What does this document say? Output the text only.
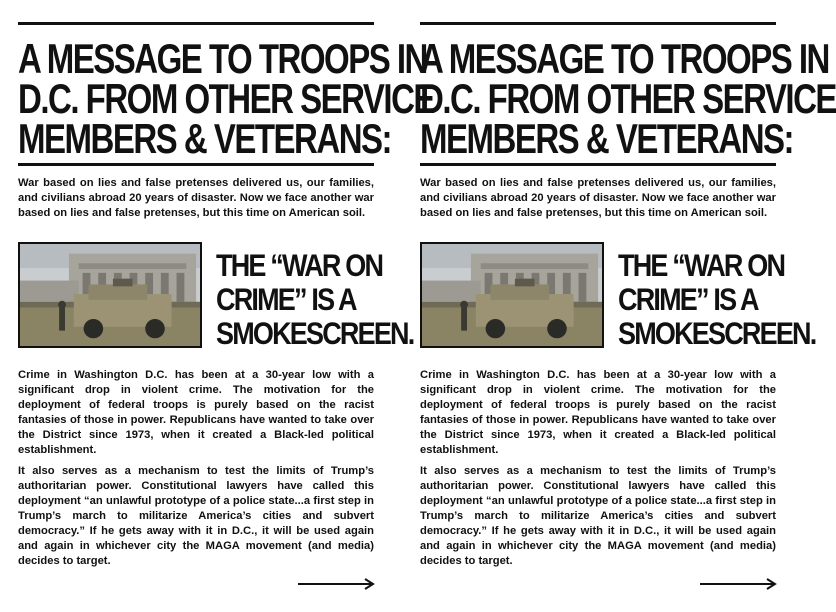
A MESSAGE TO TROOPS IN
D.C. FROM OTHER SERVICE
MEMBERS & VETERANS:

War based on lies and false pretenses delivered us, our families, and civilians abroad 20 years of disaster. Now we face another war based on lies and false pretenses, but this time on American soil.

THE “WAR ON
CRIME” IS A
SMOKESCREEN.

Crime in Washington D.C. has been at a 30-year low with a significant drop in violent crime. The motivation for the deployment of federal troops is purely based on the racist fantasies of those in power. Republicans have wanted to take over the District since 1973, when it created a Black-led political establishment.

It also serves as a mechanism to test the limits of Trump’s authoritarian power. Constitutional lawyers have called this deployment “an unlawful prototype of a police state...a first step in Trump’s march to militarize America’s cities and subvert democracy.” If he gets away with it in D.C., it will be used again and again in whichever city the MAGA movement (and media) decides to target.

A MESSAGE TO TROOPS IN
D.C. FROM OTHER SERVICE
MEMBERS & VETERANS:

War based on lies and false pretenses delivered us, our families, and civilians abroad 20 years of disaster. Now we face another war based on lies and false pretenses, but this time on American soil.

THE “WAR ON
CRIME” IS A
SMOKESCREEN.

Crime in Washington D.C. has been at a 30-year low with a significant drop in violent crime. The motivation for the deployment of federal troops is purely based on the racist fantasies of those in power. Republicans have wanted to take over the District since 1973, when it created a Black-led political establishment.

It also serves as a mechanism to test the limits of Trump’s authoritarian power. Constitutional lawyers have called this deployment “an unlawful prototype of a police state...a first step in Trump’s march to militarize America’s cities and subvert democracy.” If he gets away with it in D.C., it will be used again and again in whichever city the MAGA movement (and media) decides to target.
